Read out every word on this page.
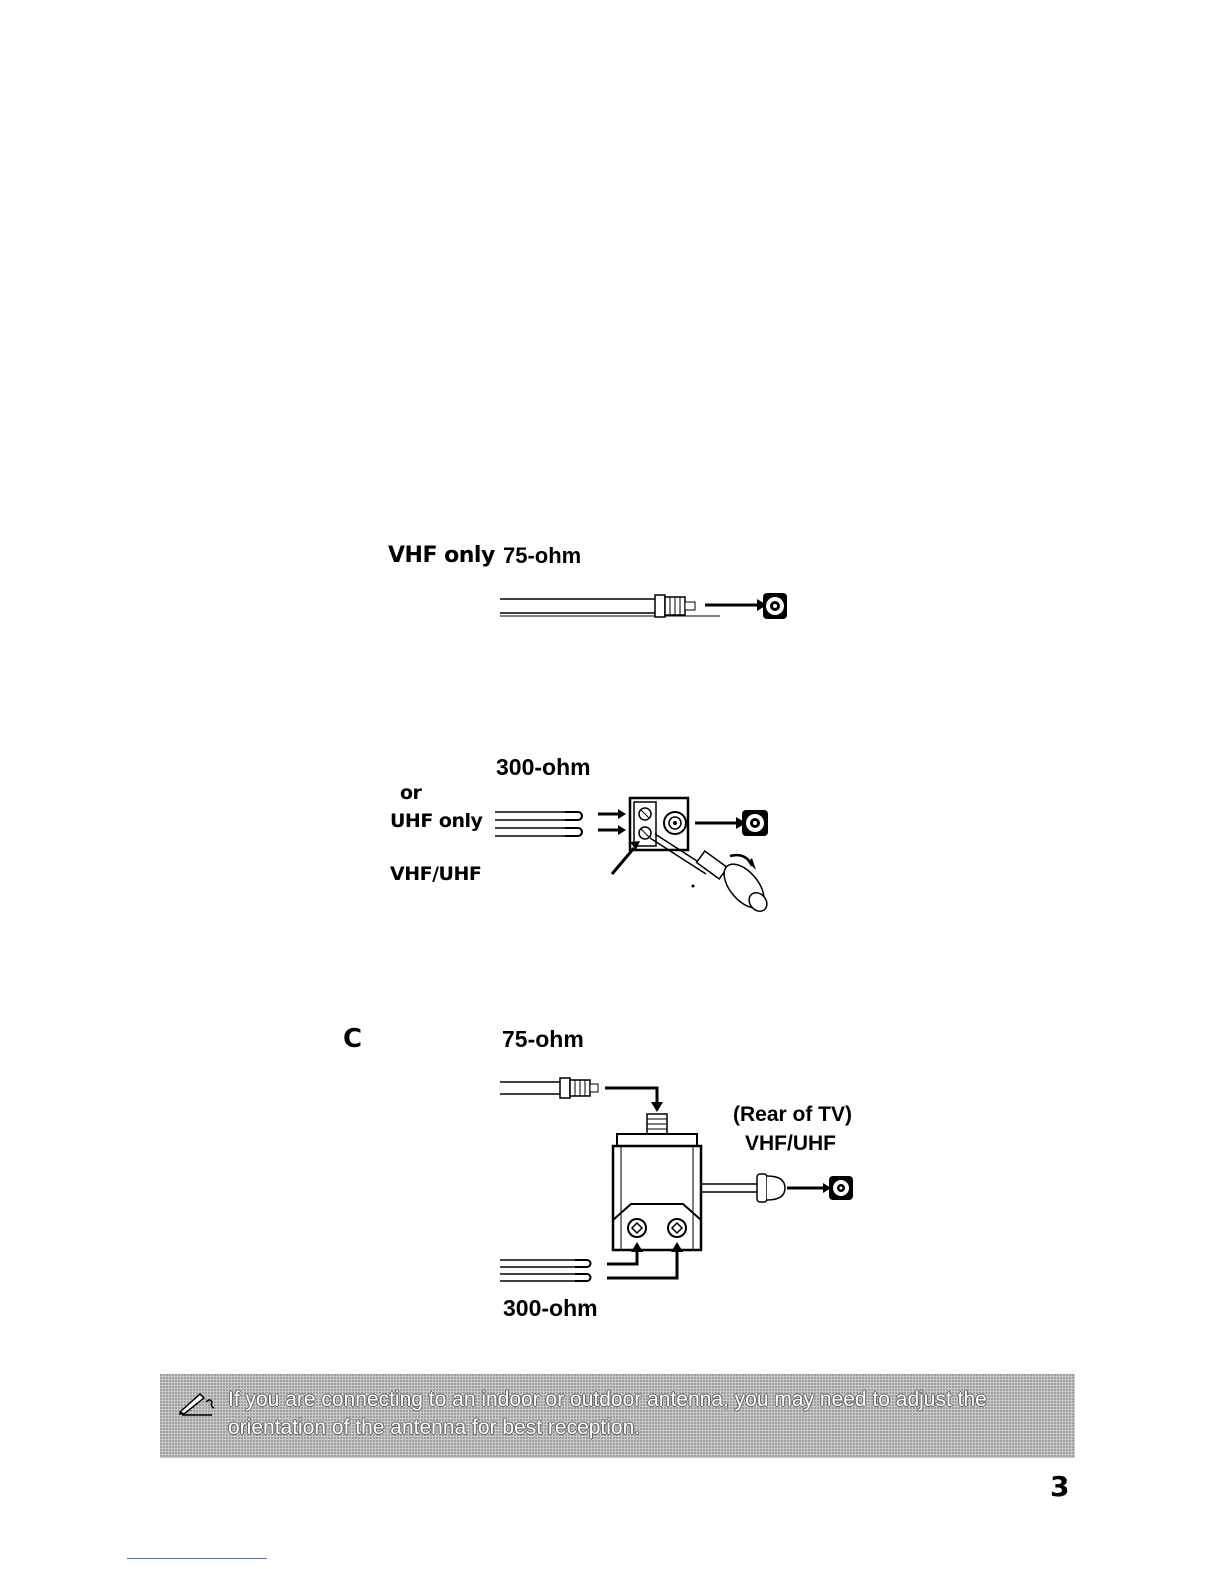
VHF only 75-ohm
300-ohm
or
UHF only
VHF/UHF
C	75-ohm
(Rear of TV)
VHF/UHF
300-ohm
If you are connecting to an indoor or outdoor antenna, you may need to adjust the orientation of the antenna for best reception.
3
